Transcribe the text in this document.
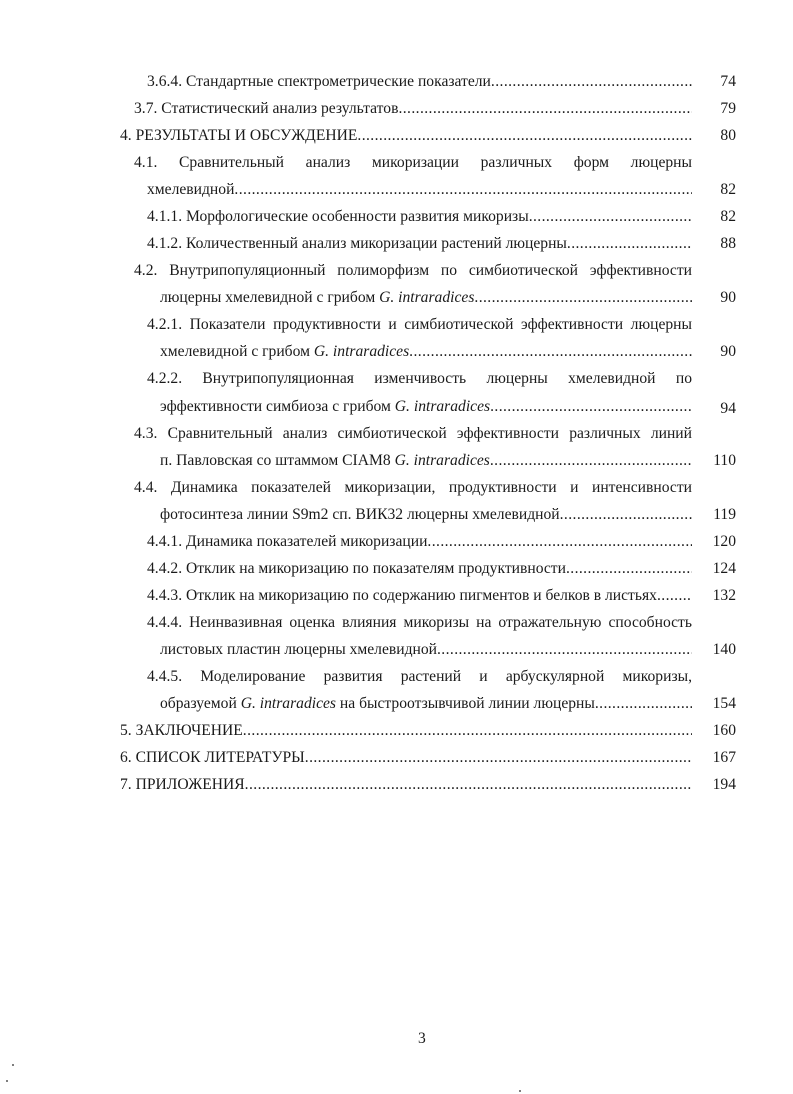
3.6.4. Стандартные спектрометрические показатели .....	74
3.7. Статистический анализ результатов .....	79
4. РЕЗУЛЬТАТЫ И ОБСУЖДЕНИЕ .....	80
4.1. Сравнительный анализ микоризации различных форм люцерны
хмелевидной .....	82
4.1.1. Морфологические особенности развития микоризы .....	82
4.1.2. Количественный анализ микоризации растений люцерны .....	88
4.2. Внутрипопуляционный полиморфизм по симбиотической эффективности
люцерны хмелевидной с грибом G. intraradices .....	90
4.2.1. Показатели продуктивности и симбиотической эффективности люцерны
хмелевидной с грибом G. intraradices .....	90
4.2.2. Внутрипопуляционная изменчивость люцерны хмелевидной по
эффективности симбиоза с грибом G. intraradices .....	94
4.3. Сравнительный анализ симбиотической эффективности различных линий
п. Павловская со штаммом CIAM8 G. intraradices .....	110
4.4. Динамика показателей микоризации, продуктивности и интенсивности
фотосинтеза линии S9m2 сп. ВИК32 люцерны хмелевидной .....	119
4.4.1. Динамика показателей микоризации .....	120
4.4.2. Отклик на микоризацию по показателям продуктивности .....	124
4.4.3. Отклик на микоризацию по содержанию пигментов и белков в листьях .....	132
4.4.4. Неинвазивная оценка влияния микоризы на отражательную способность
листовых пластин люцерны хмелевидной .....	140
4.4.5. Моделирование развития растений и арбускулярной микоризы,
образуемой G. intraradices на быстроотзывчивой линии люцерны .....	154
5. ЗАКЛЮЧЕНИЕ .....	160
6. СПИСОК ЛИТЕРАТУРЫ .....	167
7. ПРИЛОЖЕНИЯ .....	194
3
